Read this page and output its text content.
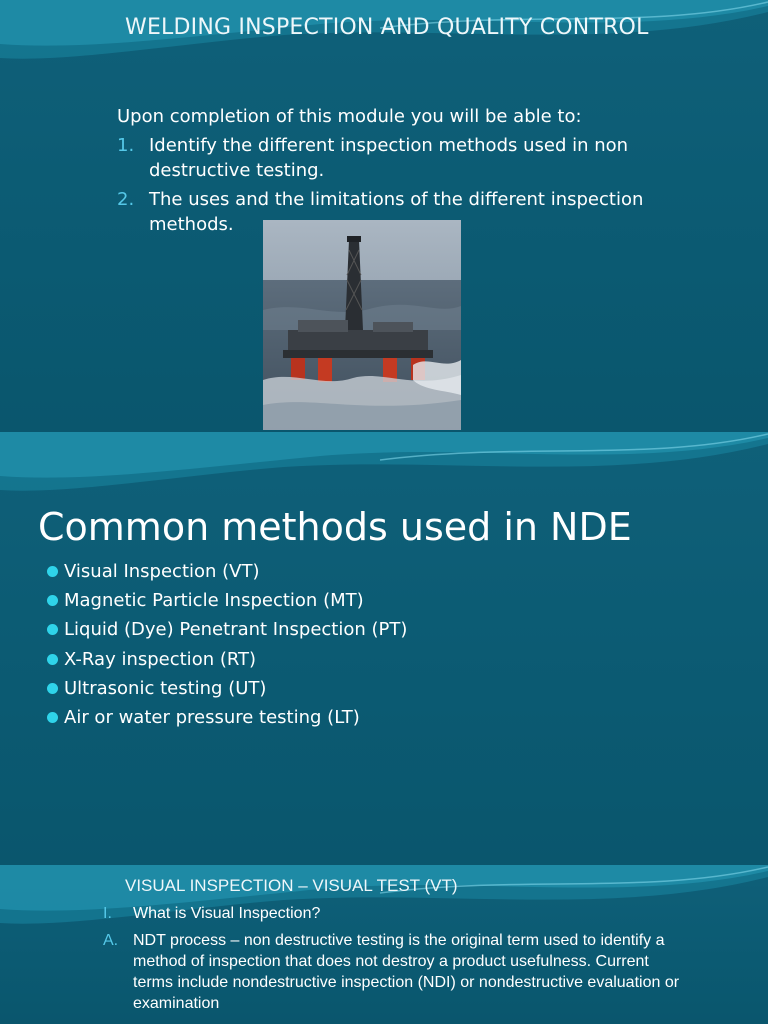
WELDING INSPECTION AND QUALITY CONTROL

Upon completion of this module you will be able to:

1. Identify the different inspection methods used in non destructive testing.
2. The uses and the limitations of the different inspection methods.
Common methods used in NDE
Visual Inspection (VT)
Magnetic Particle Inspection (MT)
Liquid (Dye) Penetrant Inspection (PT)
X-Ray inspection (RT)
Ultrasonic testing (UT)
Air or water pressure testing (LT)
VISUAL INSPECTION – VISUAL TEST (VT)
I. What is Visual Inspection?
A. NDT process – non destructive testing is the original term used to identify a method of inspection that does not destroy a product usefulness. Current terms include nondestructive inspection (NDI) or nondestructive evaluation or examination
